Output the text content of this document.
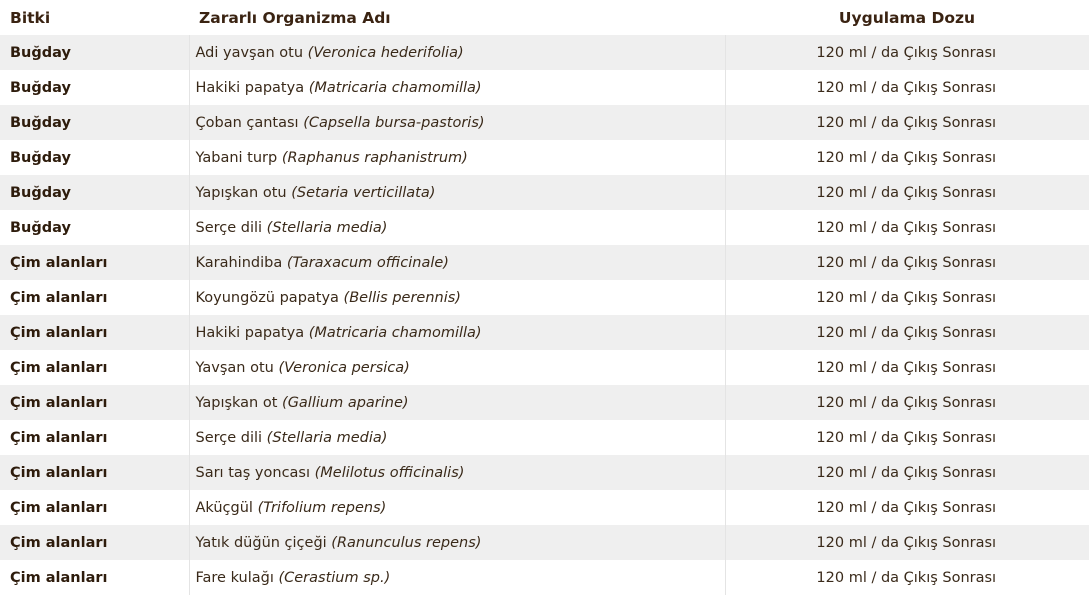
Bitki	Zararlı Organizma Adı	Uygulama Dozu
Buğday	Adi yavşan otu (Veronica hederifolia)	120 ml / da Çıkış Sonrası
Buğday	Hakiki papatya (Matricaria chamomilla)	120 ml / da Çıkış Sonrası
Buğday	Çoban çantası (Capsella bursa-pastoris)	120 ml / da Çıkış Sonrası
Buğday	Yabani turp (Raphanus raphanistrum)	120 ml / da Çıkış Sonrası
Buğday	Yapışkan otu (Setaria verticillata)	120 ml / da Çıkış Sonrası
Buğday	Serçe dili (Stellaria media)	120 ml / da Çıkış Sonrası
Çim alanları	Karahindiba (Taraxacum officinale)	120 ml / da Çıkış Sonrası
Çim alanları	Koyungözü papatya (Bellis perennis)	120 ml / da Çıkış Sonrası
Çim alanları	Hakiki papatya (Matricaria chamomilla)	120 ml / da Çıkış Sonrası
Çim alanları	Yavşan otu (Veronica persica)	120 ml / da Çıkış Sonrası
Çim alanları	Yapışkan ot (Gallium aparine)	120 ml / da Çıkış Sonrası
Çim alanları	Serçe dili (Stellaria media)	120 ml / da Çıkış Sonrası
Çim alanları	Sarı taş yoncası (Melilotus officinalis)	120 ml / da Çıkış Sonrası
Çim alanları	Aküçgül (Trifolium repens)	120 ml / da Çıkış Sonrası
Çim alanları	Yatık düğün çiçeği (Ranunculus repens)	120 ml / da Çıkış Sonrası
Çim alanları	Fare kulağı (Cerastium sp.)	120 ml / da Çıkış Sonrası
